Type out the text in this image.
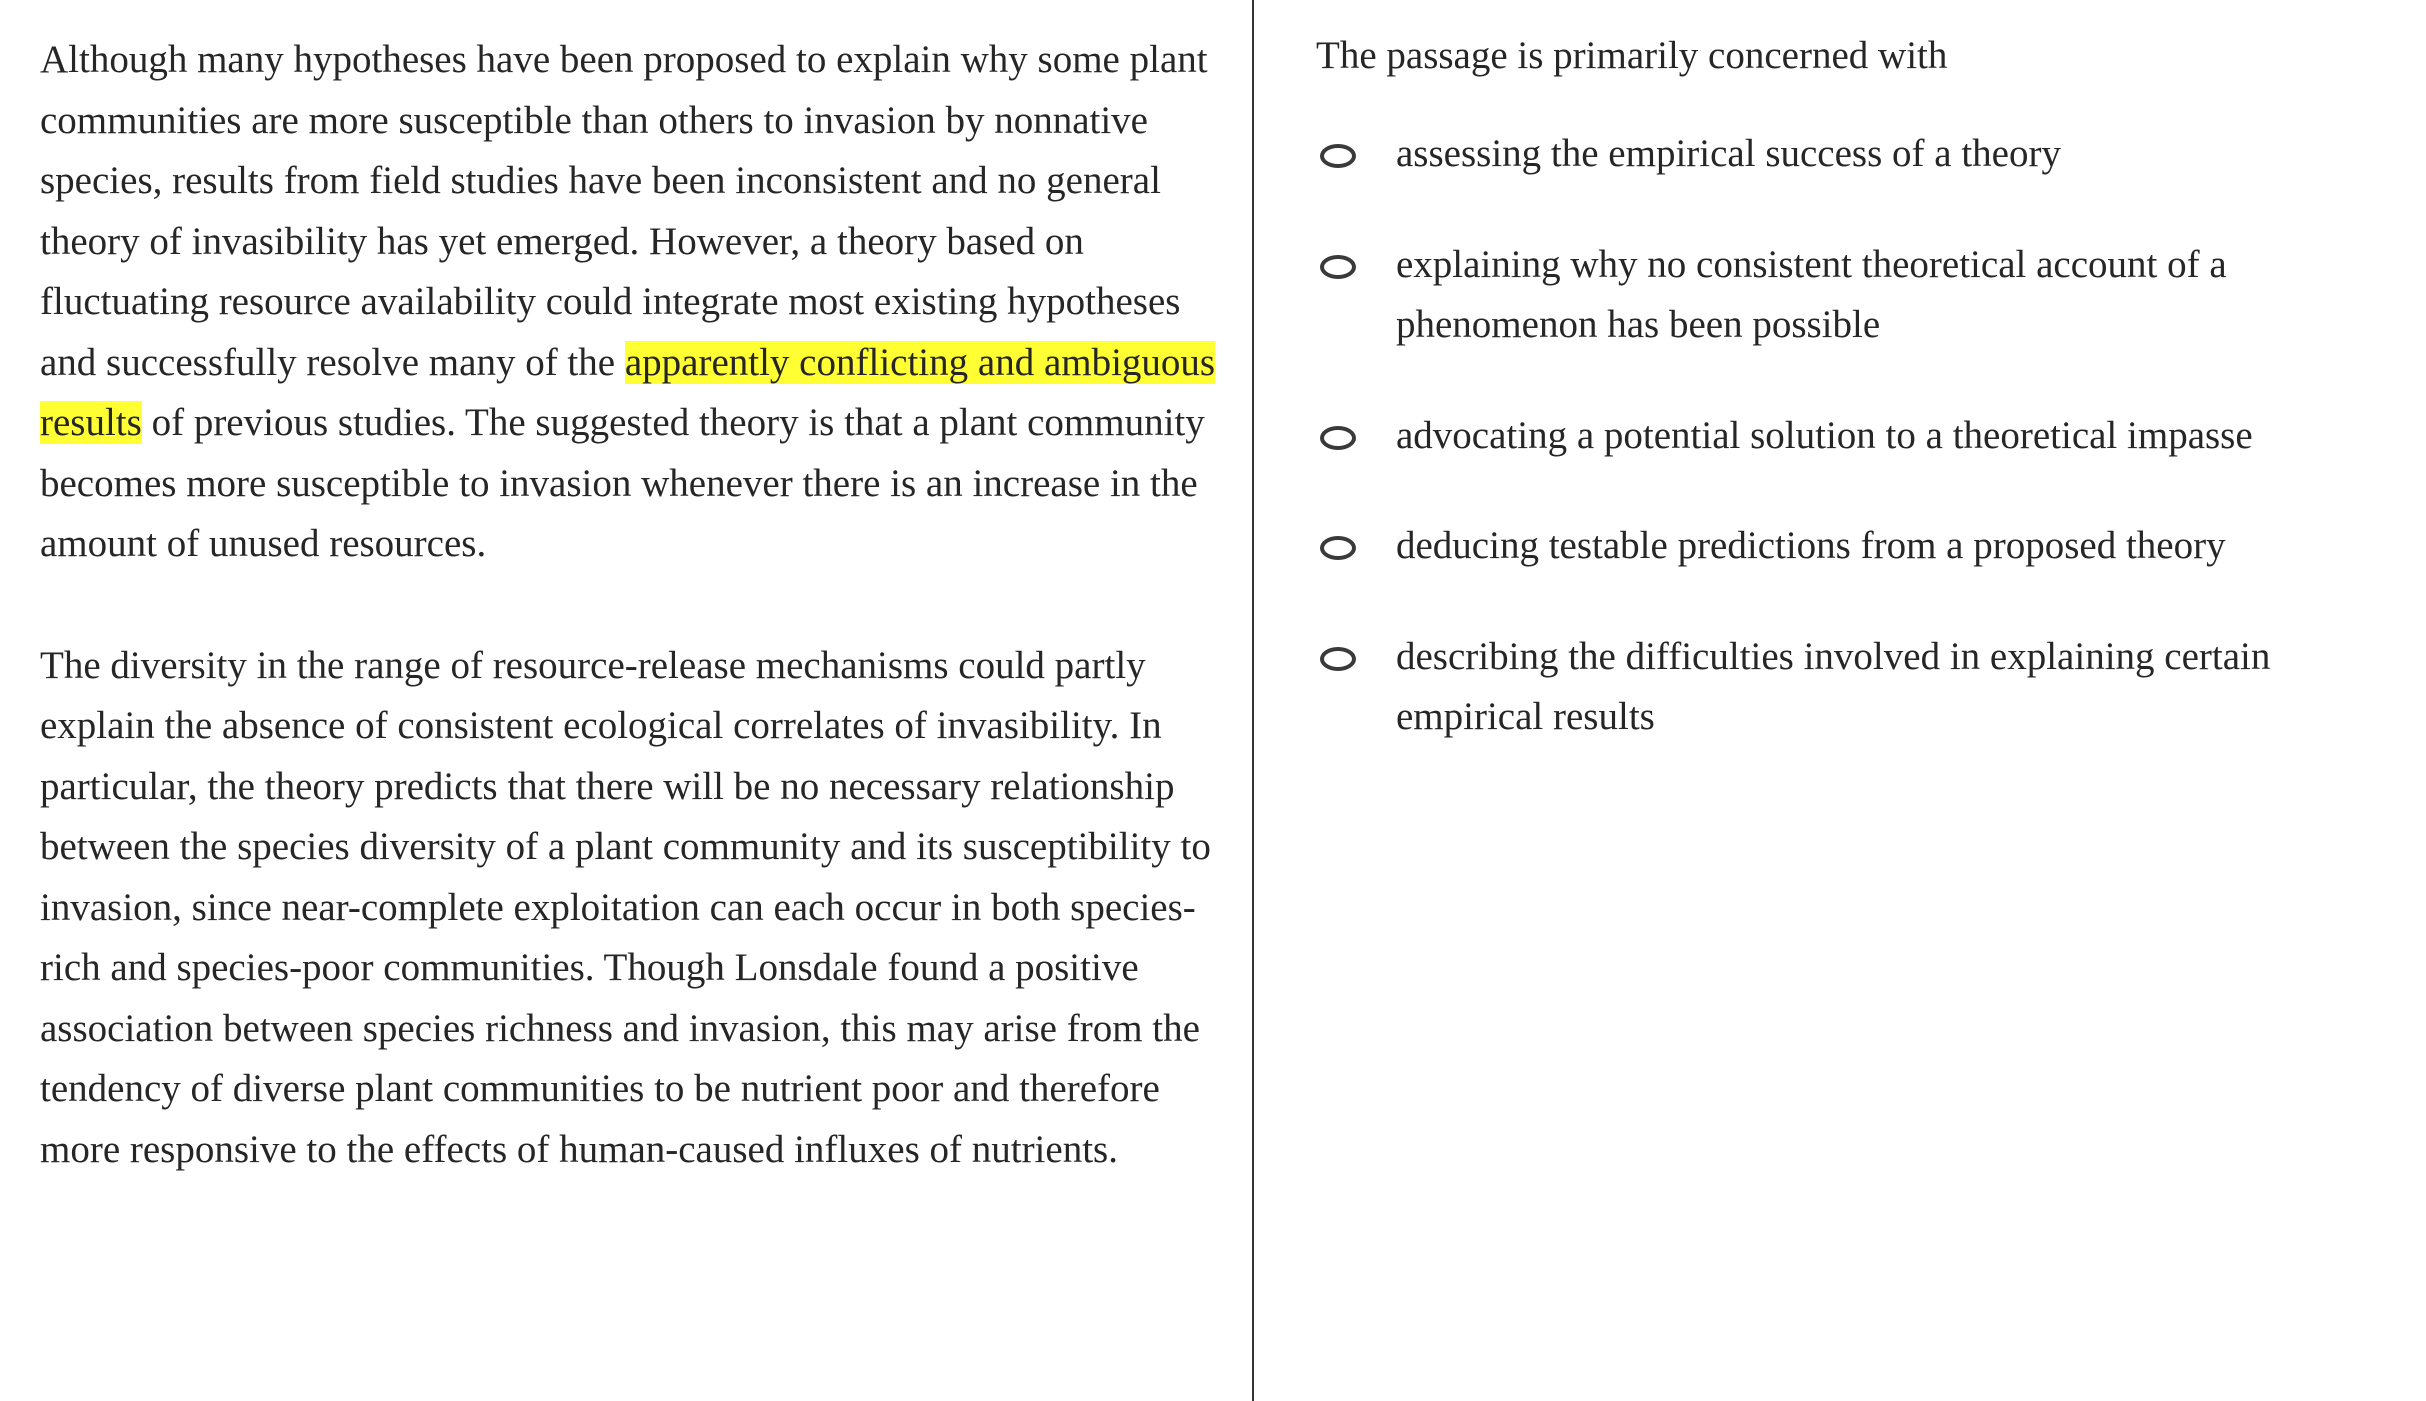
Although many hypotheses have been proposed to explain why some plant communities are more susceptible than others to invasion by nonnative species, results from field studies have been inconsistent and no general theory of invasibility has yet emerged. However, a theory based on fluctuating resource availability could integrate most existing hypotheses and successfully resolve many of the apparently conflicting and ambiguous results of previous studies. The suggested theory is that a plant community becomes more susceptible to invasion whenever there is an increase in the amount of unused resources.

The diversity in the range of resource-release mechanisms could partly explain the absence of consistent ecological correlates of invasibility. In particular, the theory predicts that there will be no necessary relationship between the species diversity of a plant community and its susceptibility to invasion, since near-complete exploitation can each occur in both species-rich and species-poor communities. Though Lonsdale found a positive association between species richness and invasion, this may arise from the tendency of diverse plant communities to be nutrient poor and therefore more responsive to the effects of human-caused influxes of nutrients.

The passage is primarily concerned with

assessing the empirical success of a theory
explaining why no consistent theoretical account of a phenomenon has been possible
advocating a potential solution to a theoretical impasse
deducing testable predictions from a proposed theory
describing the difficulties involved in explaining certain empirical results
